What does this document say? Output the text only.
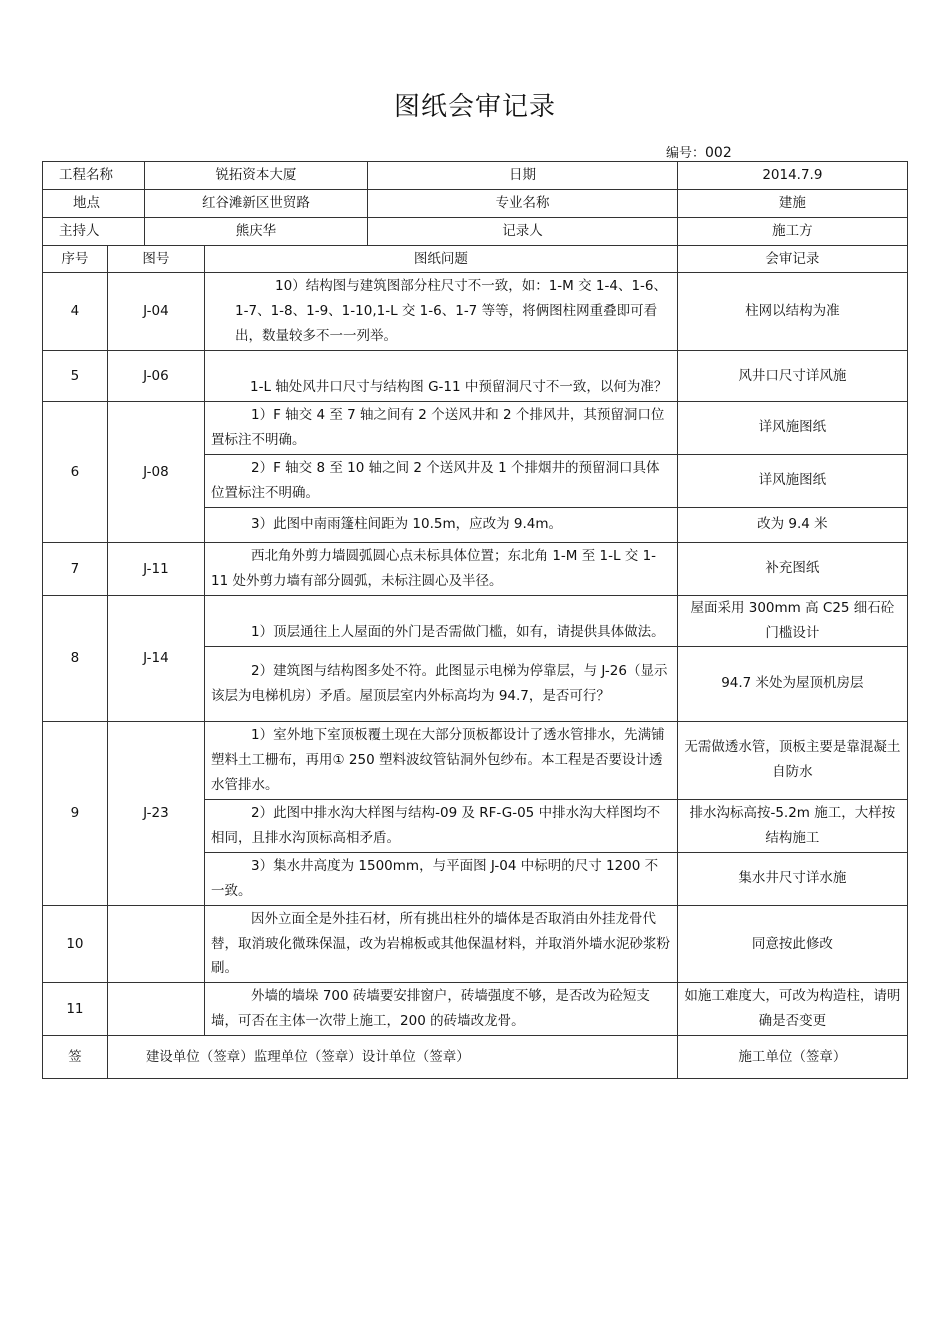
图纸会审记录
编号：002
工程名称		锐拓资本大厦		日期	2014.7.9
地点		红谷滩新区世贸路		专业名称	建施
主持人		熊庆华		记录人	施工方
序号	图号		图纸问题		会审记录
4	J-04		10）结构图与建筑图部分柱尺寸不一致，如：1-M 交 1-4、1-6、1-7、1-8、1-9、1-10,1-L 交 1-6、1-7 等等，将俩图柱网重叠即可看出，数量较多不一一列举。		柱网以结构为准
5	J-06		1-L 轴处风井口尺寸与结构图 G-11 中预留洞尺寸不一致，以何为准？		风井口尺寸详风施
6	J-08		1）F 轴交 4 至 7 轴之间有 2 个送风井和 2 个排风井，其预留洞口位置标注不明确。		详风施图纸
			2）F 轴交 8 至 10 轴之间 2 个送风井及 1 个排烟井的预留洞口具体位置标注不明确。		详风施图纸
			3）此图中南雨篷柱间距为 10.5m，应改为 9.4m。		改为 9.4 米
7	J-11		西北角外剪力墙圆弧圆心点未标具体位置；东北角 1-M 至 1-L 交 1-11 处外剪力墙有部分圆弧，未标注圆心及半径。		补充图纸
8	J-14		1）顶层通往上人屋面的外门是否需做门槛，如有，请提供具体做法。		屋面采用 300mm 高 C25 细石砼门槛设计
			2）建筑图与结构图多处不符。此图显示电梯为停靠层，与 J-26（显示该层为电梯机房）矛盾。屋顶层室内外标高均为 94.7，是否可行？		94.7 米处为屋顶机房层
9	J-23		1）室外地下室顶板覆土现在大部分顶板都设计了透水管排水，先满铺塑料土工栅布，再用① 250 塑料波纹管钻洞外包纱布。本工程是否要设计透水管排水。		无需做透水管，顶板主要是靠混凝土自防水
			2）此图中排水沟大样图与结构-09 及 RF-G-05 中排水沟大样图均不相同，且排水沟顶标高相矛盾。		排水沟标高按-5.2m 施工，大样按结构施工
			3）集水井高度为 1500mm，与平面图 J-04 中标明的尺寸 1200 不一致。		集水井尺寸详水施
10			因外立面全是外挂石材，所有挑出柱外的墙体是否取消由外挂龙骨代替，取消玻化微珠保温，改为岩棉板或其他保温材料，并取消外墙水泥砂浆粉刷。		同意按此修改
11			外墙的墙垛 700 砖墙要安排窗户，砖墙强度不够，是否改为砼短支墙，可否在主体一次带上施工，200 的砖墙改龙骨。		如施工难度大，可改为构造柱，请明确是否变更
签	建设单位（签章）监理单位（签章）设计单位（签章）				施工单位（签章）
